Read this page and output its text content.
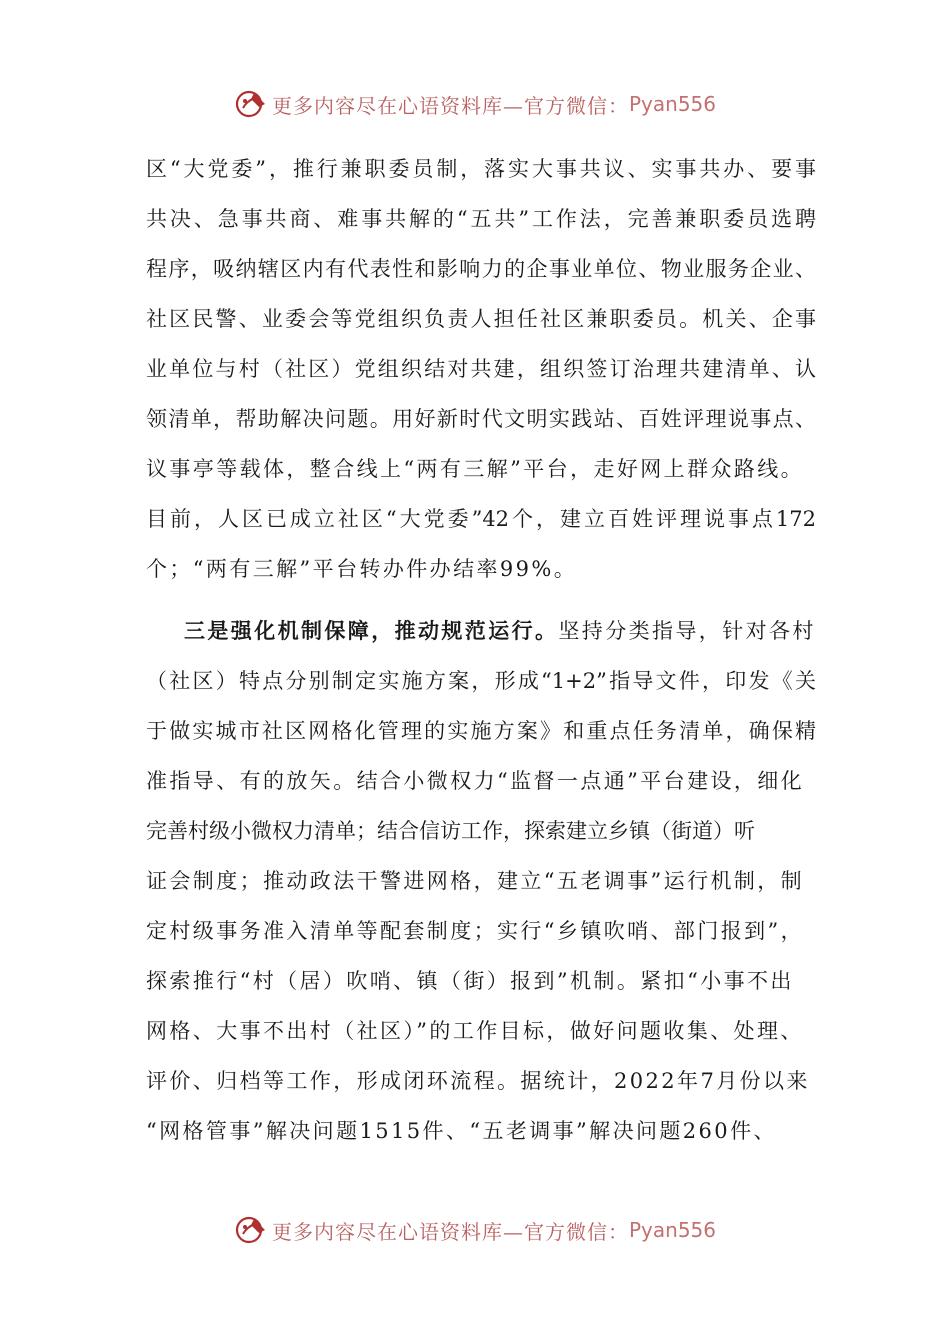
更多内容尽在心语资料库—官方微信： Pyan556
区“大党委”，推行兼职委员制，落实大事共议、实事共办、要事
共决、急事共商、难事共解的“五共”工作法，完善兼职委员选聘
程序，吸纳辖区内有代表性和影响力的企事业单位、物业服务企业、
社区民警、业委会等党组织负责人担任社区兼职委员。机关、企事
业单位与村（社区）党组织结对共建，组织签订治理共建清单、认
领清单，帮助解决问题。用好新时代文明实践站、百姓评理说事点、
议事亭等载体，整合线上“两有三解”平台，走好网上群众路线。
目前，人区已成立社区“大党委”42个，建立百姓评理说事点172
个；“两有三解”平台转办件办结率99%。
三是强化机制保障，推动规范运行。坚持分类指导，针对各村
（社区）特点分别制定实施方案，形成“1+2”指导文件，印发《关
于做实城市社区网格化管理的实施方案》和重点任务清单，确保精
准指导、有的放矢。结合小微权力“监督一点通”平台建设，细化
完善村级小微权力清单；结合信访工作，探索建立乡镇（街道）听
证会制度；推动政法干警进网格，建立“五老调事”运行机制，制
定村级事务准入清单等配套制度；实行“乡镇吹哨、部门报到”，
探索推行“村（居）吹哨、镇（街）报到”机制。紧扣“小事不出
网格、大事不出村（社区）”的工作目标，做好问题收集、处理、
评价、归档等工作，形成闭环流程。据统计，2022年7月份以来
“网格管事”解决问题1515件、“五老调事”解决问题260件、
更多内容尽在心语资料库—官方微信： Pyan556
